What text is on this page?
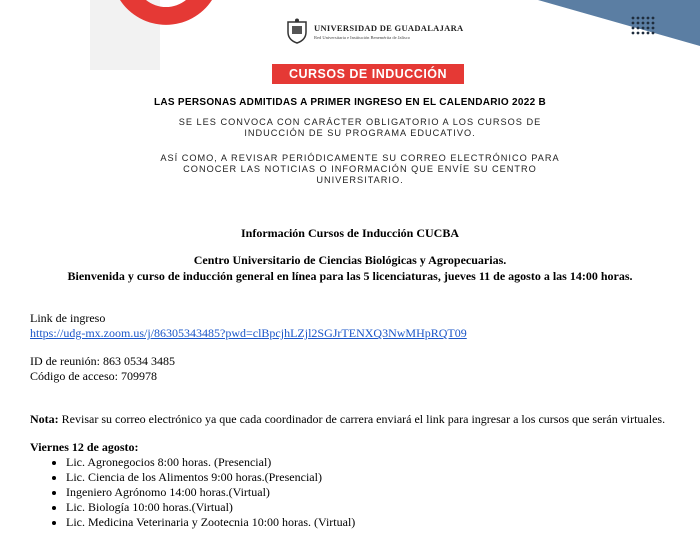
UNIVERSIDAD DE GUADALAJARA
Red Universitaria e Institución Benemérita de Jalisco
CURSOS DE INDUCCIÓN
LAS PERSONAS ADMITIDAS A PRIMER INGRESO EN EL CALENDARIO 2022 B
SE LES CONVOCA CON CARÁCTER OBLIGATORIO A LOS CURSOS DE INDUCCIÓN DE SU PROGRAMA EDUCATIVO.
ASÍ COMO, A REVISAR PERIÓDICAMENTE SU CORREO ELECTRÓNICO PARA CONOCER LAS NOTICIAS O INFORMACIÓN QUE ENVÍE SU CENTRO UNIVERSITARIO.
Información Cursos de Inducción CUCBA
Centro Universitario de Ciencias Biológicas y Agropecuarias.
Bienvenida y curso de inducción general en línea para las 5 licenciaturas, jueves 11 de agosto a las 14:00 horas.
Link de ingreso
https://udg-mx.zoom.us/j/86305343485?pwd=clBpcjhLZjl2SGJrTENXQ3NwMHpRQT09
ID de reunión: 863 0534 3485
Código de acceso: 709978
Nota: Revisar su correo electrónico ya que cada coordinador de carrera enviará el link para ingresar a los cursos que serán virtuales.
Viernes 12 de agosto:
• Lic. Agronegocios 8:00 horas. (Presencial)
• Lic. Ciencia de los Alimentos 9:00 horas.(Presencial)
• Ingeniero Agrónomo 14:00 horas.(Virtual)
• Lic. Biología 10:00 horas.(Virtual)
• Lic. Medicina Veterinaria y Zootecnia 10:00 horas. (Virtual)
